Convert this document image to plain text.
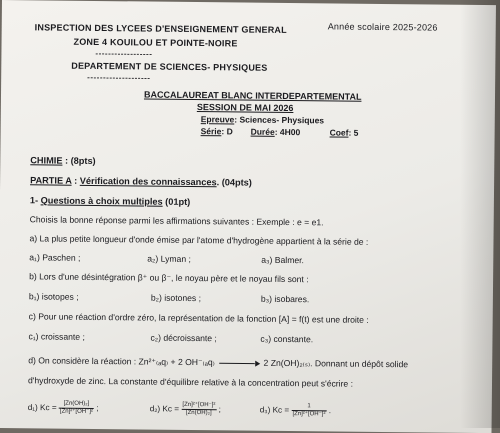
INSPECTION DES LYCEES D'ENSEIGNEMENT GENERAL
ZONE 4 KOUILOU ET POINTE-NOIRE
------------------
DEPARTEMENT DE SCIENCES- PHYSIQUES
--------------------
Année scolaire 2025-2026
BACCALAUREAT BLANC INTERDEPARTEMENTAL
SESSION DE MAI 2026
Epreuve: Sciences- Physiques
Série: D Durée: 4H00	Coef: 5
CHIMIE : (8pts)
PARTIE A : Vérification des connaissances. (04pts)
1- Questions à choix multiples (01pt)
Choisis la bonne réponse parmi les affirmations suivantes : Exemple : e = e1.
a) La plus petite longueur d'onde émise par l'atome d'hydrogène appartient à la série de :
a₁) Paschen ;	a₂) Lyman ;	a₃) Balmer.
b) Lors d'une désintégration β⁺ ou β⁻, le noyau père et le noyau fils sont :
b₁) isotopes ;	b₂) isotones ;	b₃) isobares.
c) Pour une réaction d'ordre zéro, la représentation de la fonction [A] = f(t) est une droite :
c₁) croissante ;	c₂) décroissante ;	c₃) constante.
d) On considère la réaction : Zn²⁺₍ₐq₎ + 2 OH⁻₍ₐq₎	2 Zn(OH)₂₍ₛ₎. Donnant un dépôt solide
d'hydroxyde de zinc. La constante d'équilibre relative à la concentration peut s'écrire :
d₁) $Kc = \frac{\text{[Zn(OH)₂]}}{\text{[Zn]²⁺[OH⁻]²}}$ ;	d₂) $Kc = \frac{\text{[Zn]²⁺[OH⁻]²}}{\text{[Zn(OH)₂]}}$ ;	d₃) $Kc = \frac{1}{\text{[Zn]²⁺[OH⁻]²}}$ .
